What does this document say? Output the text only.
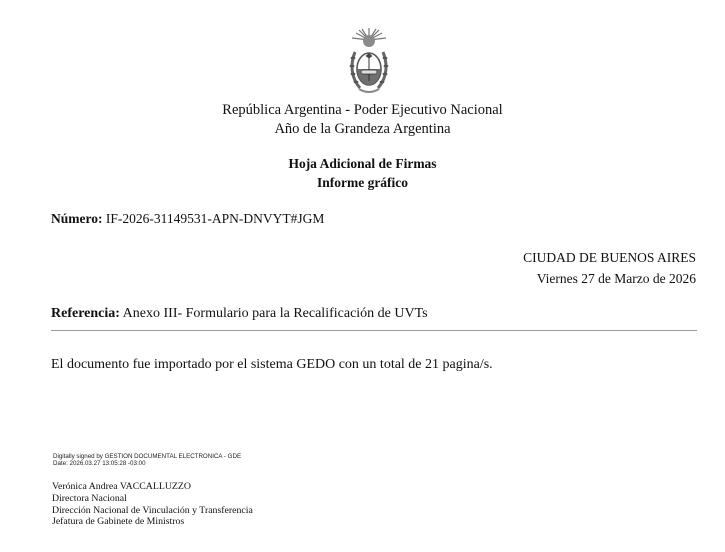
República Argentina - Poder Ejecutivo Nacional
Año de la Grandeza Argentina
Hoja Adicional de Firmas
Informe gráfico
Número: IF-2026-31149531-APN-DNVYT#JGM
CIUDAD DE BUENOS AIRES
Viernes 27 de Marzo de 2026
Referencia: Anexo III- Formulario para la Recalificación de UVTs
El documento fue importado por el sistema GEDO con un total de 21 pagina/s.
Digitally signed by GESTION DOCUMENTAL ELECTRONICA - GDE
Date: 2026.03.27 13:05:28 -03:00
Verónica Andrea VACCALLUZZO
Directora Nacional
Dirección Nacional de Vinculación y Transferencia
Jefatura de Gabinete de Ministros
